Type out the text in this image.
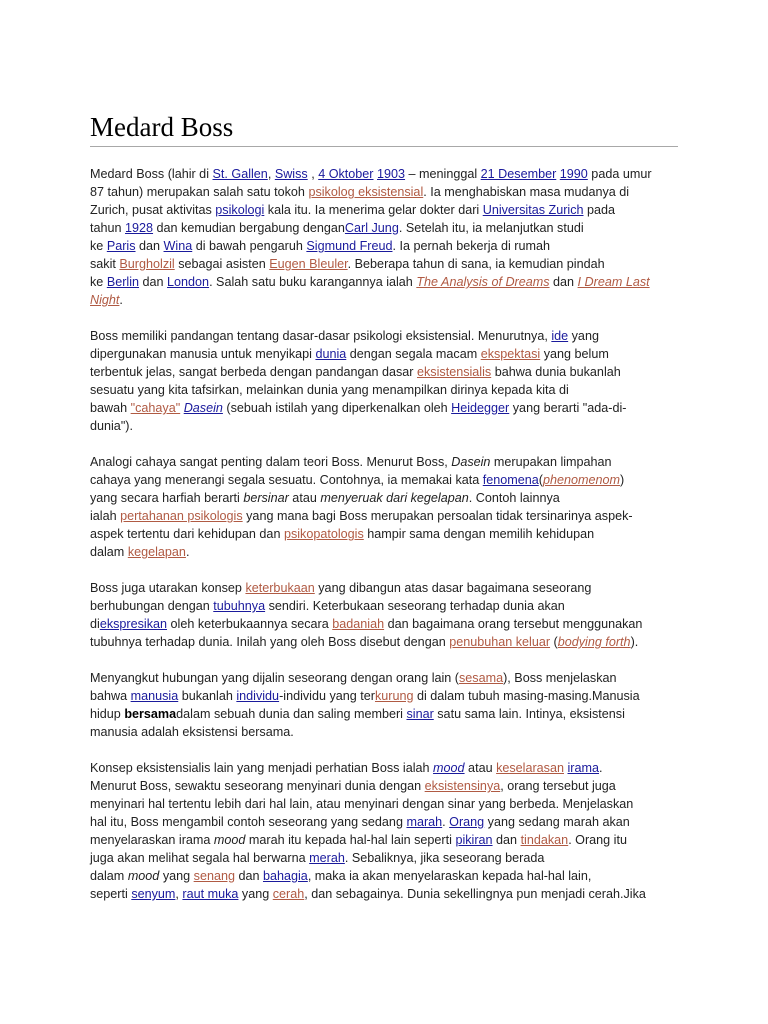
Medard Boss

Medard Boss (lahir di St. Gallen, Swiss , 4 Oktober 1903 – meninggal 21 Desember 1990 pada umur
87 tahun) merupakan salah satu tokoh psikolog eksistensial. Ia menghabiskan masa mudanya di
Zurich, pusat aktivitas psikologi kala itu. Ia menerima gelar dokter dari Universitas Zurich pada
tahun 1928 dan kemudian bergabung denganCarl Jung. Setelah itu, ia melanjutkan studi
ke Paris dan Wina di bawah pengaruh Sigmund Freud. Ia pernah bekerja di rumah
sakit Burgholzil sebagai asisten Eugen Bleuler. Beberapa tahun di sana, ia kemudian pindah
ke Berlin dan London. Salah satu buku karangannya ialah The Analysis of Dreams dan I Dream Last
Night.

Boss memiliki pandangan tentang dasar-dasar psikologi eksistensial. Menurutnya, ide yang
dipergunakan manusia untuk menyikapi dunia dengan segala macam ekspektasi yang belum
terbentuk jelas, sangat berbeda dengan pandangan dasar eksistensialis bahwa dunia bukanlah
sesuatu yang kita tafsirkan, melainkan dunia yang menampilkan dirinya kepada kita di
bawah "cahaya" Dasein (sebuah istilah yang diperkenalkan oleh Heidegger yang berarti "ada-di-
dunia").

Analogi cahaya sangat penting dalam teori Boss. Menurut Boss, Dasein merupakan limpahan
cahaya yang menerangi segala sesuatu. Contohnya, ia memakai kata fenomena(phenomenom)
yang secara harfiah berarti bersinar atau menyeruak dari kegelapan. Contoh lainnya
ialah pertahanan psikologis yang mana bagi Boss merupakan persoalan tidak tersinarinya aspek-
aspek tertentu dari kehidupan dan psikopatologis hampir sama dengan memilih kehidupan
dalam kegelapan.

Boss juga utarakan konsep keterbukaan yang dibangun atas dasar bagaimana seseorang
berhubungan dengan tubuhnya sendiri. Keterbukaan seseorang terhadap dunia akan
diekspresikan oleh keterbukaannya secara badaniah dan bagaimana orang tersebut menggunakan
tubuhnya terhadap dunia. Inilah yang oleh Boss disebut dengan penubuhan keluar (bodying forth).

Menyangkut hubungan yang dijalin seseorang dengan orang lain (sesama), Boss menjelaskan
bahwa manusia bukanlah individu-individu yang terkurung di dalam tubuh masing-masing.Manusia
hidup bersamadalam sebuah dunia dan saling memberi sinar satu sama lain. Intinya, eksistensi
manusia adalah eksistensi bersama.

Konsep eksistensialis lain yang menjadi perhatian Boss ialah mood atau keselarasan irama.
Menurut Boss, sewaktu seseorang menyinari dunia dengan eksistensinya, orang tersebut juga
menyinari hal tertentu lebih dari hal lain, atau menyinari dengan sinar yang berbeda. Menjelaskan
hal itu, Boss mengambil contoh seseorang yang sedang marah. Orang yang sedang marah akan
menyelaraskan irama mood marah itu kepada hal-hal lain seperti pikiran dan tindakan. Orang itu
juga akan melihat segala hal berwarna merah. Sebaliknya, jika seseorang berada
dalam mood yang senang dan bahagia, maka ia akan menyelaraskan kepada hal-hal lain,
seperti senyum, raut muka yang cerah, dan sebagainya. Dunia sekellingnya pun menjadi cerah.Jika
